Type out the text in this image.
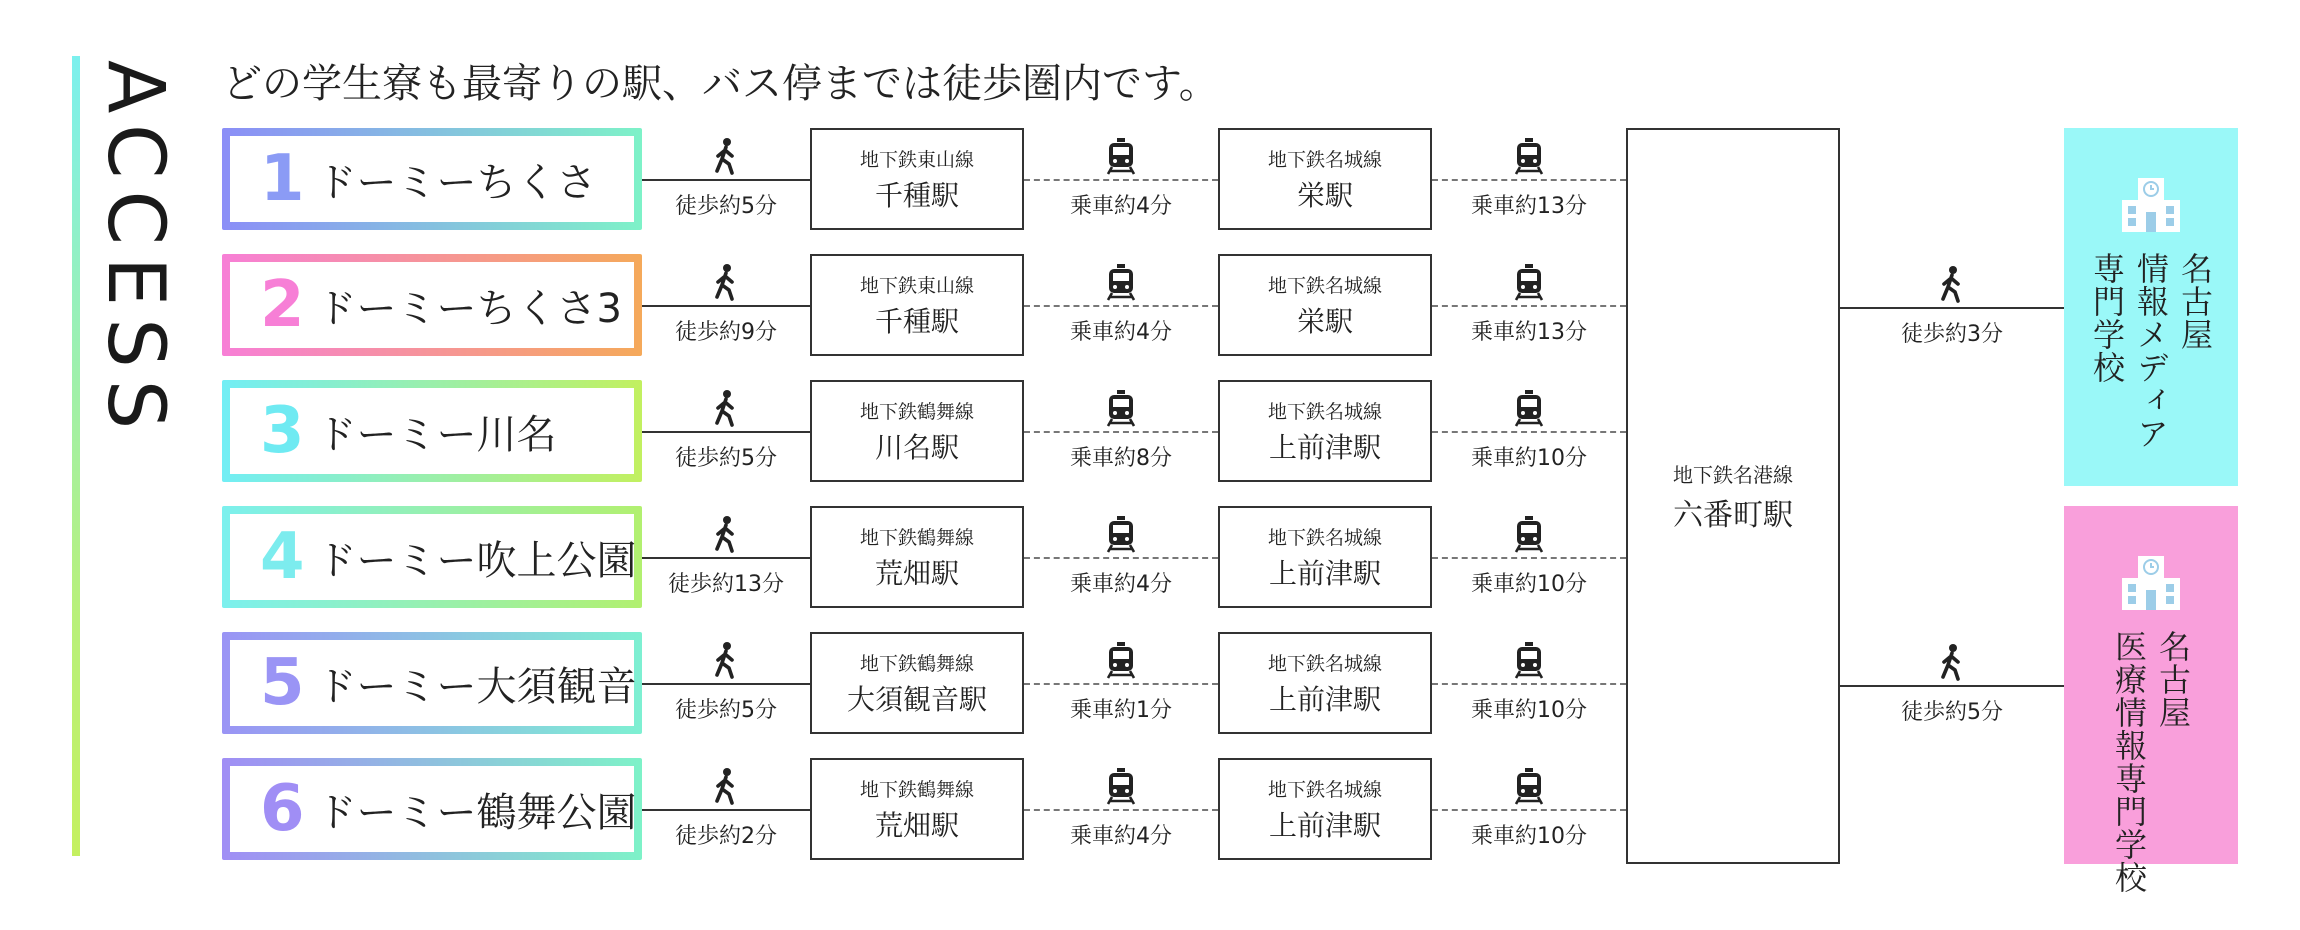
ACCESS どの学生寮も最寄りの駅、バス停までは徒歩圏内です。
1 ドーミーちくさ
徒歩約5分
地下鉄東山線
千種駅	乗車約4分
地下鉄名城線
栄駅	乗車約13分
2 ドーミーちくさ3
徒歩約9分
地下鉄東山線
千種駅	乗車約4分
地下鉄名城線
栄駅	乗車約13分
3 ドーミー川名
徒歩約5分
地下鉄鶴舞線
川名駅	乗車約8分
地下鉄名城線
上前津駅	乗車約10分
4 ドーミー吹上公園
徒歩約13分
地下鉄鶴舞線
荒畑駅	乗車約4分
地下鉄名城線
上前津駅	乗車約10分
5 ドーミー大須観音
徒歩約5分
地下鉄鶴舞線
大須観音駅	乗車約1分
地下鉄名城線
上前津駅	乗車約10分
6 ドーミー鶴舞公園
徒歩約2分
地下鉄鶴舞線
荒畑駅	乗車約4分
地下鉄名城線
上前津駅	乗車約10分
地下鉄名港線
六番町駅
名古屋
情報メディア
専門学校
徒歩約3分
名古屋
医療情報専門学校
徒歩約5分
